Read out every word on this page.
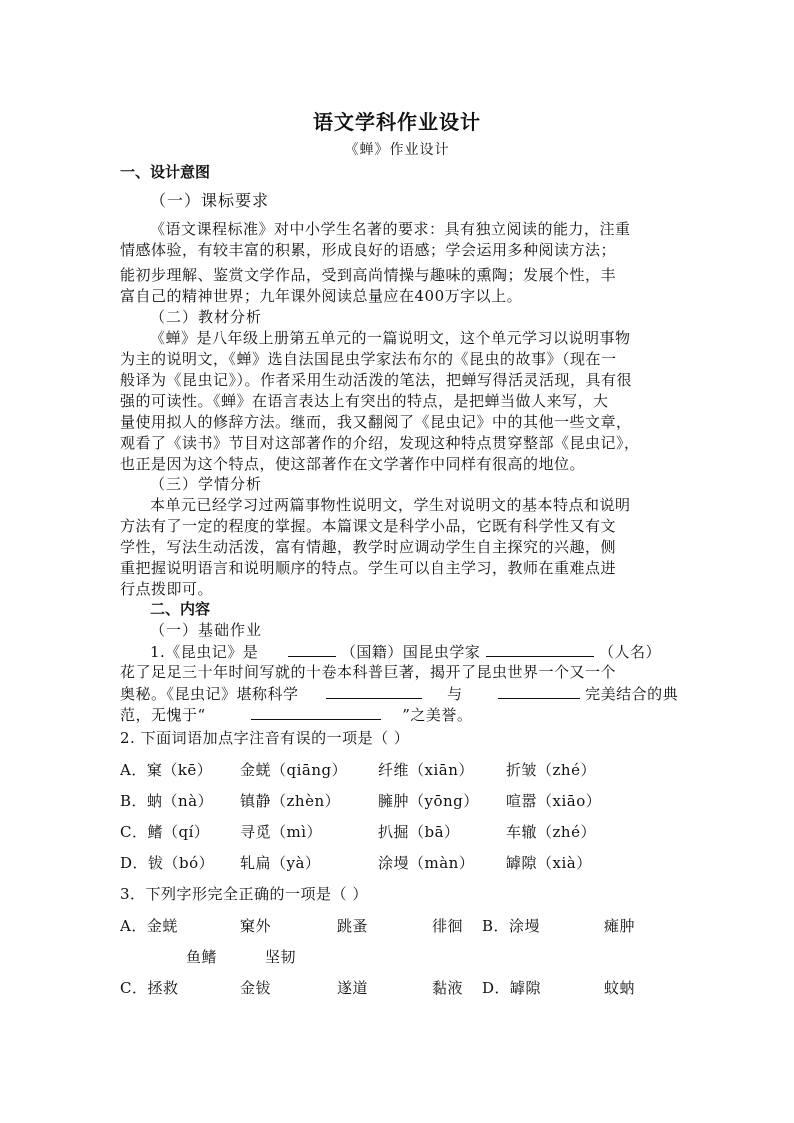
语文学科作业设计
《蝉》作业设计
一、设计意图
（一）课标要求
《语文课程标准》对中小学生名著的要求：具有独立阅读的能力，注重
情感体验，有较丰富的积累，形成良好的语感；学会运用多种阅读方法；
能初步理解、鉴赏文学作品，受到高尚情操与趣味的熏陶；发展个性，丰
富自己的精神世界；九年课外阅读总量应在400万字以上。
（二）教材分析
《蝉》是八年级上册第五单元的一篇说明文，这个单元学习以说明事物
为主的说明文，《蝉》选自法国昆虫学家法布尔的《昆虫的故事》（现在一
般译为《昆虫记》）。作者采用生动活泼的笔法，把蝉写得活灵活现，具有很
强的可读性。《蝉》在语言表达上有突出的特点，是把蝉当做人来写，大
量使用拟人的修辞方法。继而，我又翻阅了《昆虫记》中的其他一些文章，
观看了《读书》节目对这部著作的介绍，发现这种特点贯穿整部《昆虫记》，
也正是因为这个特点，使这部著作在文学著作中同样有很高的地位。
（三）学情分析
本单元已经学习过两篇事物性说明文，学生对说明文的基本特点和说明
方法有了一定的程度的掌握。本篇课文是科学小品，它既有科学性又有文
学性，写法生动活泼，富有情趣，教学时应调动学生自主探究的兴趣，侧
重把握说明语言和说明顺序的特点。学生可以自主学习，教师在重难点进
行点拨即可。
二、内容
（一）基础作业
1.《昆虫记》是	（国籍）国昆虫学家	（人名）
花了足足三十年时间写就的十卷本科普巨著，揭开了昆虫世界一个又一个
奥秘。《昆虫记》堪称科学	与	完美结合的典
范，无愧于“	”之美誉。
2. 下面词语加点字注音有误的一项是（ ）
A．窠（kē） 金蜣（qiāng） 纤维（xiān） 折皱（zhé）
B．蚋（nà） 镇静（zhèn）	臃肿（yōng） 喧嚣（xiāo）
C．鳍（qí） 寻觅（mì）	扒掘（bā）	车辙（zhé）
D．钹（bó） 轧扁（yà）	涂墁（màn） 罅隙（xià）
3．下列字形完全正确的一项是（ ）
A．金蜣	窠外	跳蚤	徘徊 B．涂墁	瘫肿
鱼鳍	坚韧
C．拯救	金钹	遂道	黏液 D．罅隙	蚊蚋
